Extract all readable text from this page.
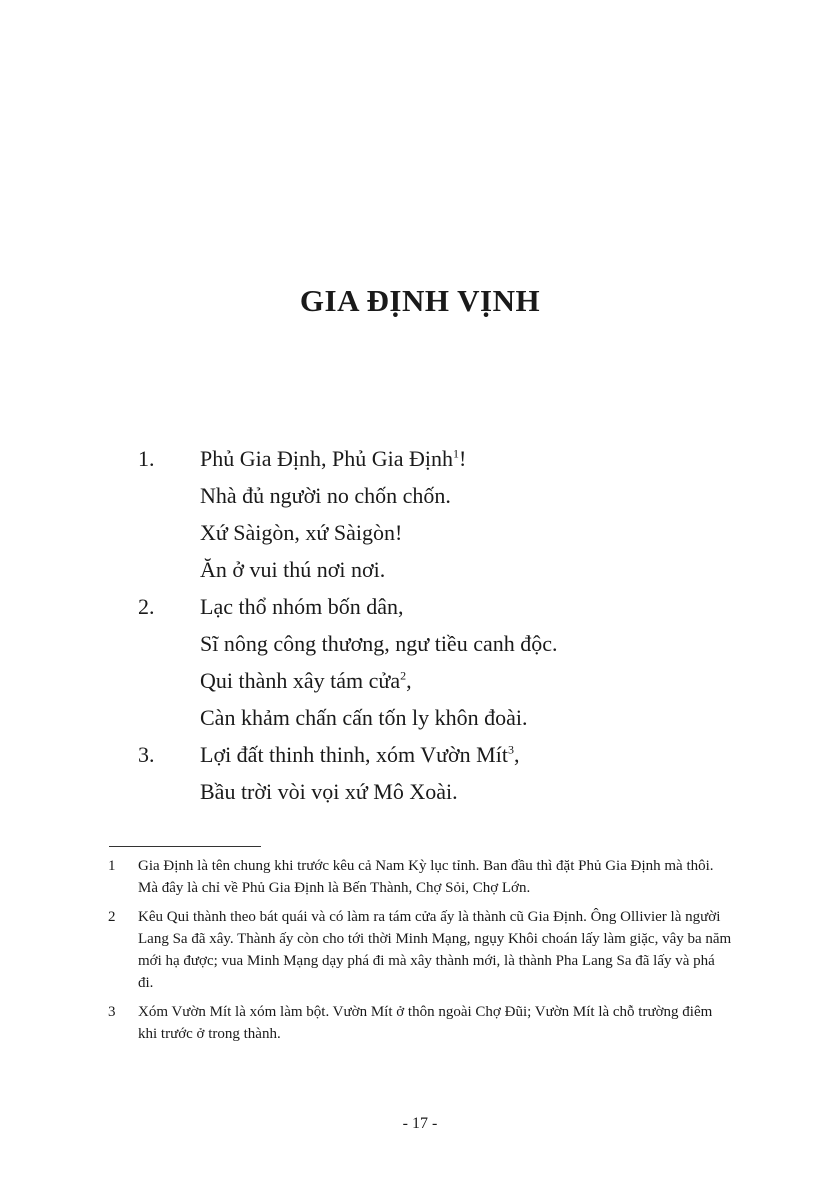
GIA ĐỊNH VỊNH
1. Phủ Gia Định, Phủ Gia Định$^1$!
Nhà đủ người no chốn chốn.
Xứ Sàigòn, xứ Sàigòn!
Ăn ở vui thú nơi nơi.
2. Lạc thổ nhóm bốn dân,
Sĩ nông công thương, ngư tiều canh độc.
Qui thành xây tám cửa$^2$,
Càn khảm chấn cấn tốn ly khôn đoài.
3. Lợi đất thinh thinh, xóm Vườn Mít$^3$,
Bầu trời vòi vọi xứ Mô Xoài.
1 Gia Định là tên chung khi trước kêu cả Nam Kỳ lục tỉnh. Ban đầu thì đặt Phủ Gia Định mà thôi. Mà đây là chỉ về Phủ Gia Định là Bến Thành, Chợ Sỏi, Chợ Lớn.
2 Kêu Qui thành theo bát quái và có làm ra tám cửa ấy là thành cũ Gia Định. Ông Ollivier là người Lang Sa đã xây. Thành ấy còn cho tới thời Minh Mạng, ngụy Khôi choán lấy làm giặc, vây ba năm mới hạ được; vua Minh Mạng dạy phá đi mà xây thành mới, là thành Pha Lang Sa đã lấy và phá đi.
3 Xóm Vườn Mít là xóm làm bột. Vườn Mít ở thôn ngoài Chợ Đũi; Vườn Mít là chỗ trường điêm khi trước ở trong thành.
- 17 -
